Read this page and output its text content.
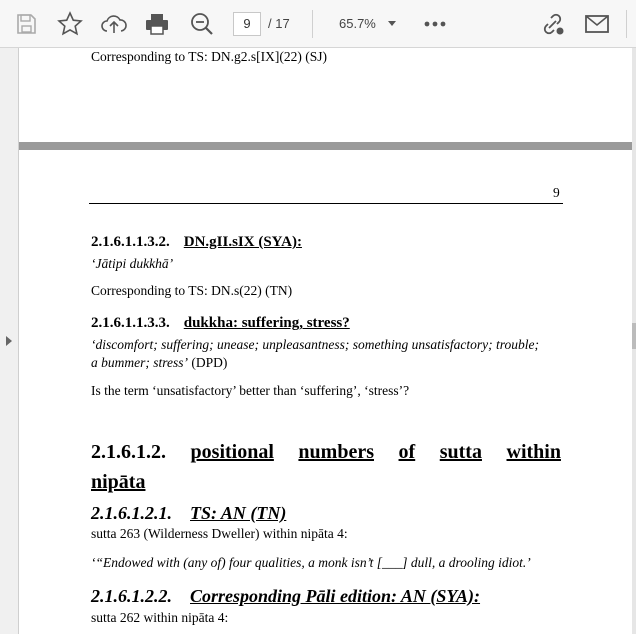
9	/ 17	65.7%
Corresponding to TS: DN.g2.s[IX](22) (SJ)
9
2.1.6.1.1.3.2. DN.gII.sIX (SYA):
‘Jātipi dukkhā’
Corresponding to TS: DN.s(22) (TN)
2.1.6.1.1.3.3. dukkha: suffering, stress?
‘discomfort; suffering; unease; unpleasantness; something unsatisfactory; trouble;
a bummer; stress’ (DPD)
Is the term ‘unsatisfactory’ better than ‘suffering’, ‘stress’?
2.1.6.1.2. positional numbers of sutta within
nipāta
2.1.6.1.2.1. TS: AN (TN)
sutta 263 (Wilderness Dweller) within nipāta 4:
‘“Endowed with (any of) four qualities, a monk isn’t [___] dull, a drooling idiot.’
2.1.6.1.2.2. Corresponding Pāli edition: AN (SYA):
sutta 262 within nipāta 4:
